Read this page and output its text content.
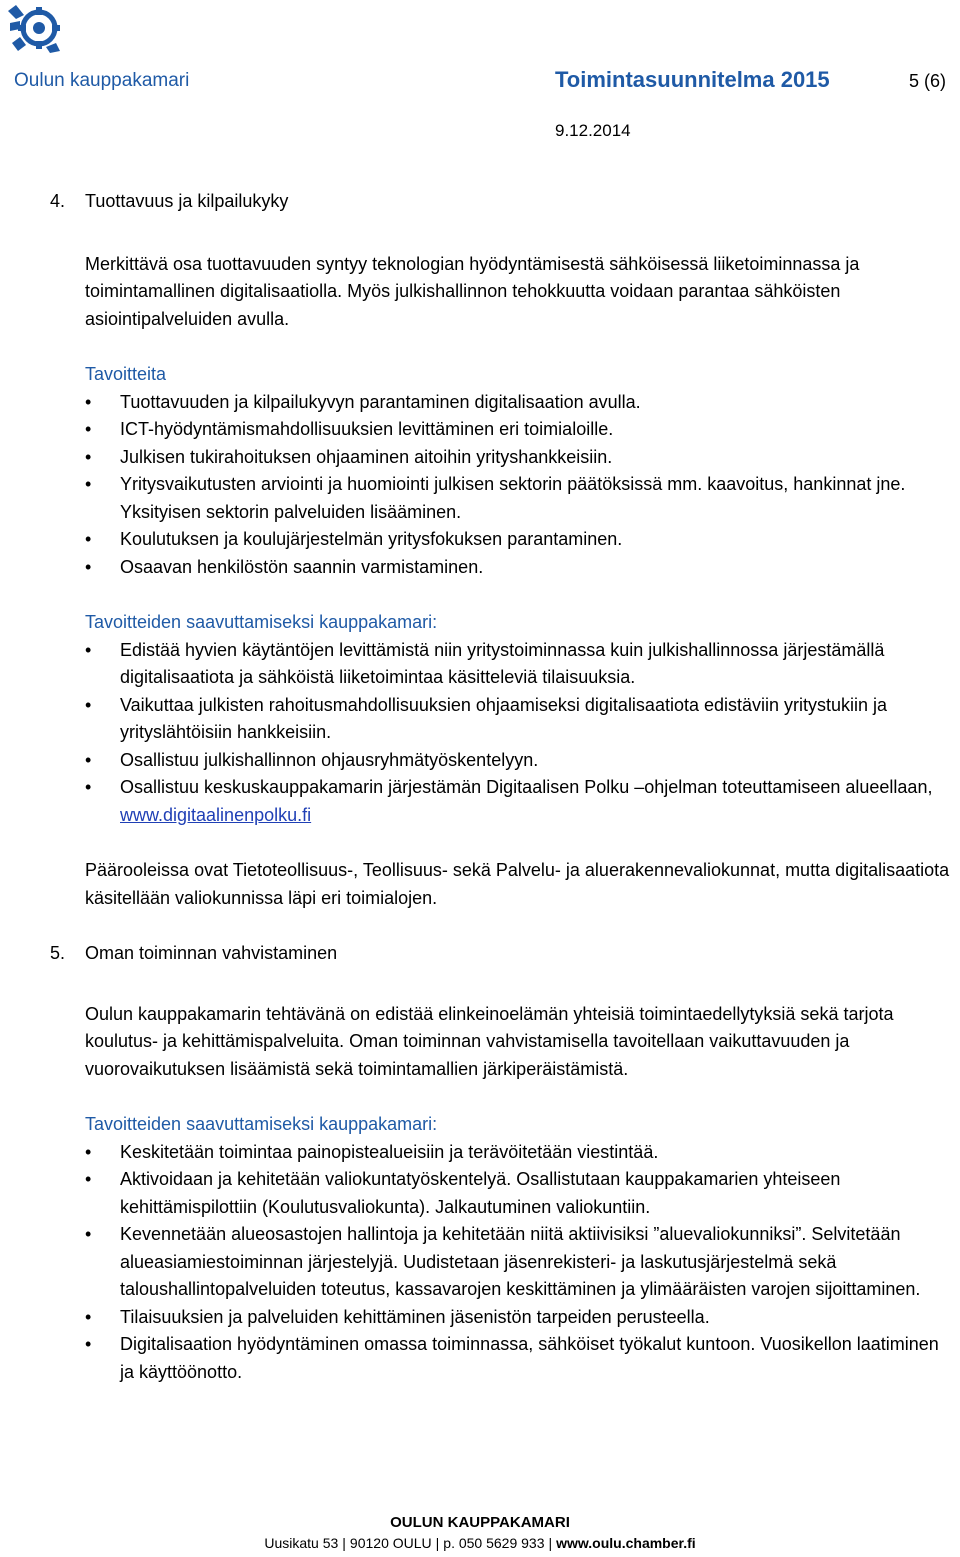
Oulun kauppakamari	Toimintasuunnitelma 2015	5 (6)
9.12.2014

4. Tuottavuus ja kilpailukyky

Merkittävä osa tuottavuuden syntyy teknologian hyödyntämisestä sähköisessä liiketoiminnassa ja toimintamallinen digitalisaatiolla. Myös julkishallinnon tehokkuutta voidaan parantaa sähköisten asiointipalveluiden avulla.

Tavoitteita

• Tuottavuuden ja kilpailukyvyn parantaminen digitalisaation avulla.
• ICT-hyödyntämismahdollisuuksien levittäminen eri toimialoille.
• Julkisen tukirahoituksen ohjaaminen aitoihin yrityshankkeisiin.
• Yritysvaikutusten arviointi ja huomiointi julkisen sektorin päätöksissä mm. kaavoitus, hankinnat jne. Yksityisen sektorin palveluiden lisääminen.
• Koulutuksen ja koulujärjestelmän yritysfokuksen parantaminen.
• Osaavan henkilöstön saannin varmistaminen.

Tavoitteiden saavuttamiseksi kauppakamari:

• Edistää hyvien käytäntöjen levittämistä niin yritystoiminnassa kuin julkishallinnossa järjestämällä digitalisaatiota ja sähköistä liiketoimintaa käsitteleviä tilaisuuksia.
• Vaikuttaa julkisten rahoitusmahdollisuuksien ohjaamiseksi digitalisaatiota edistäviin yritystukiin ja yrityslähtöisiin hankkeisiin.
• Osallistuu julkishallinnon ohjausryhmätyöskentelyyn.
• Osallistuu keskuskauppakamarin järjestämän Digitaalisen Polku –ohjelman toteuttamiseen alueellaan, www.digitaalinenpolku.fi

Päärooleissa ovat Tietoteollisuus-, Teollisuus- sekä Palvelu- ja aluerakennevaliokunnat, mutta digitalisaatiota käsitellään valiokunnissa läpi eri toimialojen.

5. Oman toiminnan vahvistaminen

Oulun kauppakamarin tehtävänä on edistää elinkeinoelämän yhteisiä toimintaedellytyksiä sekä tarjota koulutus- ja kehittämispalveluita. Oman toiminnan vahvistamisella tavoitellaan vaikuttavuuden ja vuorovaikutuksen lisäämistä sekä toimintamallien järkiperäistämistä.

Tavoitteiden saavuttamiseksi kauppakamari:

• Keskitetään toimintaa painopistealueisiin ja terävöitetään viestintää.
• Aktivoidaan ja kehitetään valiokuntatyöskentelyä. Osallistutaan kauppakamarien yhteiseen kehittämispilottiin (Koulutusvaliokunta). Jalkautuminen valiokuntiin.
• Kevennetään alueosastojen hallintoja ja kehitetään niitä aktiivisiksi ”aluevaliokunniksi”. Selvitetään alueasiamiestoiminnan järjestelyjä. Uudistetaan jäsenrekisteri- ja laskutusjärjestelmä sekä taloushallintopalveluiden toteutus, kassavarojen keskittäminen ja ylimääräisten varojen sijoittaminen.
• Tilaisuuksien ja palveluiden kehittäminen jäsenistön tarpeiden perusteella.
• Digitalisaation hyödyntäminen omassa toiminnassa, sähköiset työkalut kuntoon. Vuosikellon laatiminen ja käyttöönotto.
OULUN KAUPPAKAMARI
Uusikatu 53 | 90120 OULU | p. 050 5629 933 | www.oulu.chamber.fi
